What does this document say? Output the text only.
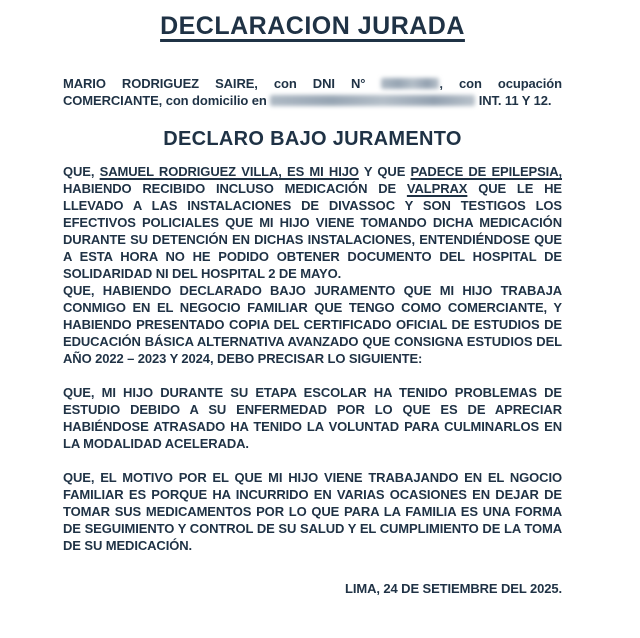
DECLARACION JURADA

MARIO RODRIGUEZ SAIRE, con DNI N°	, con ocupación COMERCIANTE, con domicilio en	INT. 11 Y 12.

DECLARO BAJO JURAMENTO

QUE, SAMUEL RODRIGUEZ VILLA, ES MI HIJO Y QUE PADECE DE EPILEPSIA, HABIENDO RECIBIDO INCLUSO MEDICACIÓN DE VALPRAX QUE LE HE LLEVADO A LAS INSTALACIONES DE DIVASSOC Y SON TESTIGOS LOS EFECTIVOS POLICIALES QUE MI HIJO VIENE TOMANDO DICHA MEDICACIÓN DURANTE SU DETENCIÓN EN DICHAS INSTALACIONES, ENTENDIÉNDOSE QUE A ESTA HORA NO HE PODIDO OBTENER DOCUMENTO DEL HOSPITAL DE SOLIDARIDAD NI DEL HOSPITAL 2 DE MAYO.

QUE, HABIENDO DECLARADO BAJO JURAMENTO QUE MI HIJO TRABAJA CONMIGO EN EL NEGOCIO FAMILIAR QUE TENGO COMO COMERCIANTE, Y HABIENDO PRESENTADO COPIA DEL CERTIFICADO OFICIAL DE ESTUDIOS DE EDUCACIÓN BÁSICA ALTERNATIVA AVANZADO QUE CONSIGNA ESTUDIOS DEL AÑO 2022 – 2023 Y 2024, DEBO PRECISAR LO SIGUIENTE:

QUE, MI HIJO DURANTE SU ETAPA ESCOLAR HA TENIDO PROBLEMAS DE ESTUDIO DEBIDO A SU ENFERMEDAD POR LO QUE ES DE APRECIAR HABIÉNDOSE ATRASADO HA TENIDO LA VOLUNTAD PARA CULMINARLOS EN LA MODALIDAD ACELERADA.

QUE, EL MOTIVO POR EL QUE MI HIJO VIENE TRABAJANDO EN EL NGOCIO FAMILIAR ES PORQUE HA INCURRIDO EN VARIAS OCASIONES EN DEJAR DE TOMAR SUS MEDICAMENTOS POR LO QUE PARA LA FAMILIA ES UNA FORMA DE SEGUIMIENTO Y CONTROL DE SU SALUD Y EL CUMPLIMIENTO DE LA TOMA DE SU MEDICACIÓN.

LIMA, 24 DE SETIEMBRE DEL 2025.
